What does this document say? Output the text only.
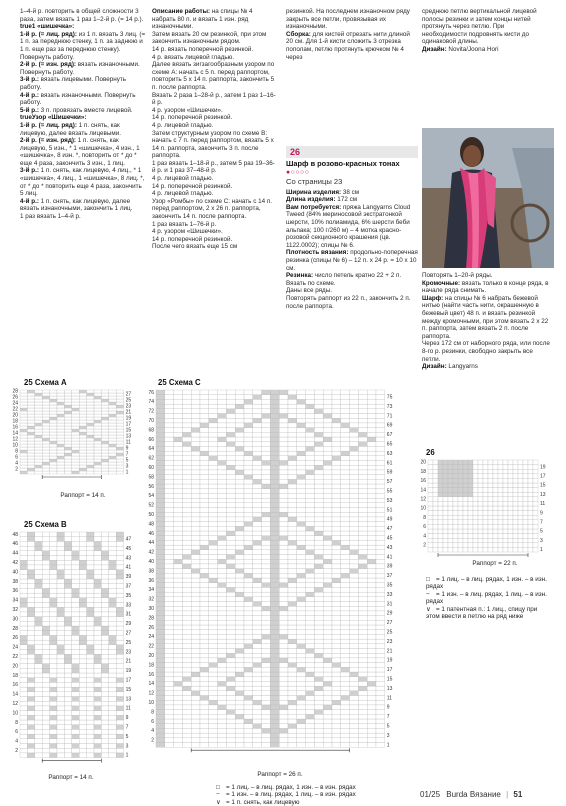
1–4-й р. повторить в общей сложности 3 раза, затем вязать 1 раз 1–2-й р. (= 14 р.).

true1 «шишечка»:

1-й р. (= лиц. ряд): из 1 п. вязать 3 лиц. (= 1 п. за переднюю стенку, 1 п. за заднюю и 1 п. еще раз за переднюю стенку). Повернуть работу.

2-й р. (= изн. ряд): вязать изнаночными. Повернуть работу.

3-й р.: вязать лицевыми. Повернуть работу.

4-й р.: вязать изнаночными. Повернуть работу.

5-й р.: 3 п. провязать вместе лицевой.

trueУзор «Шишечки»:

1-й р. (= лиц. ряд): 1 п. снять, как лицевую, далее вязать лицевыми.

2-й р. (= изн. ряд): 1 п. снять, как лицевую, 5 изн., * 1 «шишечка», 4 изн., 1 «шишечка», 8 изн. *, повторить от * до * еще 4 раза, закончить 3 изн., 1 лиц.

3-й р.: 1 п. снять, как лицевую, 4 лиц., * 1 «шишечка», 4 лиц., 1 «шишечка», 8 лиц. *, от * до * повторить еще 4 раза, закончить 5 лиц.

4-й р.: 1 п. снять, как лицевую, далее вязать изнаночными, закончить 1 лиц.

1 раз вязать 1–4-й р.

Описание работы: на спицы № 4 набрать 80 п. и вязать 1 изн. ряд изнаночными.

Затем вязать 20 см резинкой, при этом закончить изнаночным рядом.

14 р. вязать поперечной резинкой.

4 р. вязать лицевой гладью.

Далее вязать зигзагообразным узором по схеме А: начать с 5 п. перед раппортом, повторить 5 х 14 п. раппорта, закончить 5 п. после раппорта.

Вязать 2 раза 1–28-й р., затем 1 раз 1–16-й р.

4 р. узором «Шишечки».

14 р. поперечной резинкой.

4 р. лицевой гладью.

Затем структурным узором по схеме В: начать с 7 п. перед раппортом, вязать 5 х 14 п. раппорта, закончить 3 п. после раппорта.

1 раз вязать 1–18-й р., затем 5 раз 19–36-й р. и 1 раз 37–48-й р.

4 р. лицевой гладью.

14 р. поперечной резинкой.

4 р. лицевой гладью.

Узор «Ромбы» по схеме С: начать с 14 п. перед раппортом, 2 х 26 п. раппорта, закончить 14 п. после раппорта.

1 раз вязать 1–76-й р.

4 р. узором «Шишечки».

14 р. поперечной резинкой.

После чего вязать еще 15 см

резинкой. На последнем изнаночном ряду закрыть все петли, провязывая их изнаночными.

Сборка: для кистей отрезать нити длиной 20 см. Для 1-й кисти сложить 3 отрезка пополам, петлю протянуть крючком № 4 через

среднюю петлю вертикальной лицевой полосы резинки и затем концы нитей протянуть через петлю. При необходимости подровнять кисти до одинаковой длины.

Дизайн: Novita/Joona Hori

26
Шарф в розово-красных тонах
●○○○○
Со страницы 23

Ширина изделия: 38 см

Длина изделия: 172 см

Вам потребуется: пряжа Langyarns Cloud Tweed (84% мериносовой экстратонкой шерсти, 10% полиамида, 6% шерсти беби альпака; 100 г/260 м) – 4 мотка красно-розовой секционного крашения (цв. 1122.0002); спицы № 6.

Плотность вязания: продольно-поперечная резинка (спицы № 6) – 12 п. х 24 р. = 10 х 10 см.

Резинка: число петель кратно 22 + 2 п.

Вязать по схеме.

Даны все ряды.

Повторять раппорт из 22 п., закончить 2 п. после раппорта.

Повторять 1–20-й ряды.

Кромочные: вязать только в конце ряда, в начале ряда снимать.

Шарф: на спицы № 6 набрать бежевой нитью (найти часть нити, окрашенную в бежевый цвет) 48 п. и вязать резинкой между кромочными, при этом вязать 2 х 22 п. раппорта, затем вязать 2 п. после раппорта.

Через 172 см от наборного ряда, или после 8-го р. резинки, свободно закрыть все петли.

Дизайн: Langyarns

25 Схема А
1
2	3
4	5
6	7
8	9
10	11
12	13
14	15
16	17
18	19
20	21
22	23
24	25
26	27
28
Раппорт = 14 п.
25 Схема В
1
2
3
4
5
6
7
8
9
10
11
12
13
14
15
16
17
18
19
20
21
22
23
24
25
26
27
28
29
30
31
32
33
34
35
36
37
38
39
40
41
42
43
44
45
46
47
48
Раппорт = 14 п.
25 Схема С
1
2
3
4
5
6
7
8
9
10
11
12
13
14
15
16
17
18
19
20
21
22
23
24
25
26
27
28
29
30
31
32
33
34
35
36
37
38
39
40
41
42
43
44
45
46
47
48
49
50
51
52
53
54
55
56
57
58
59
60
61
62
63
64
65
66
67
68
69
70
71
72
73
74
75
76
Раппорт = 26 п.
□ = 1 лиц. – в лиц. рядах, 1 изн. – в изн. рядах
− = 1 изн. – в лиц. рядах, 1 лиц. – в изн. рядах
∨ = 1 п. снять, как лицевую
26
1
2
3
4
5
6
7
8
9
10
11
12
13
14
15
16
17
18
19
20
Раппорт = 22 п.
□ = 1 лиц. – в лиц. рядах, 1 изн. – в изн. рядах
− = 1 изн. – в лиц. рядах, 1 лиц. – в изн. рядах
∨ = 1 патентная п.: 1 лиц., спицу при этом ввести в петлю на ряд ниже
01/25 Burda Вязание | 51
